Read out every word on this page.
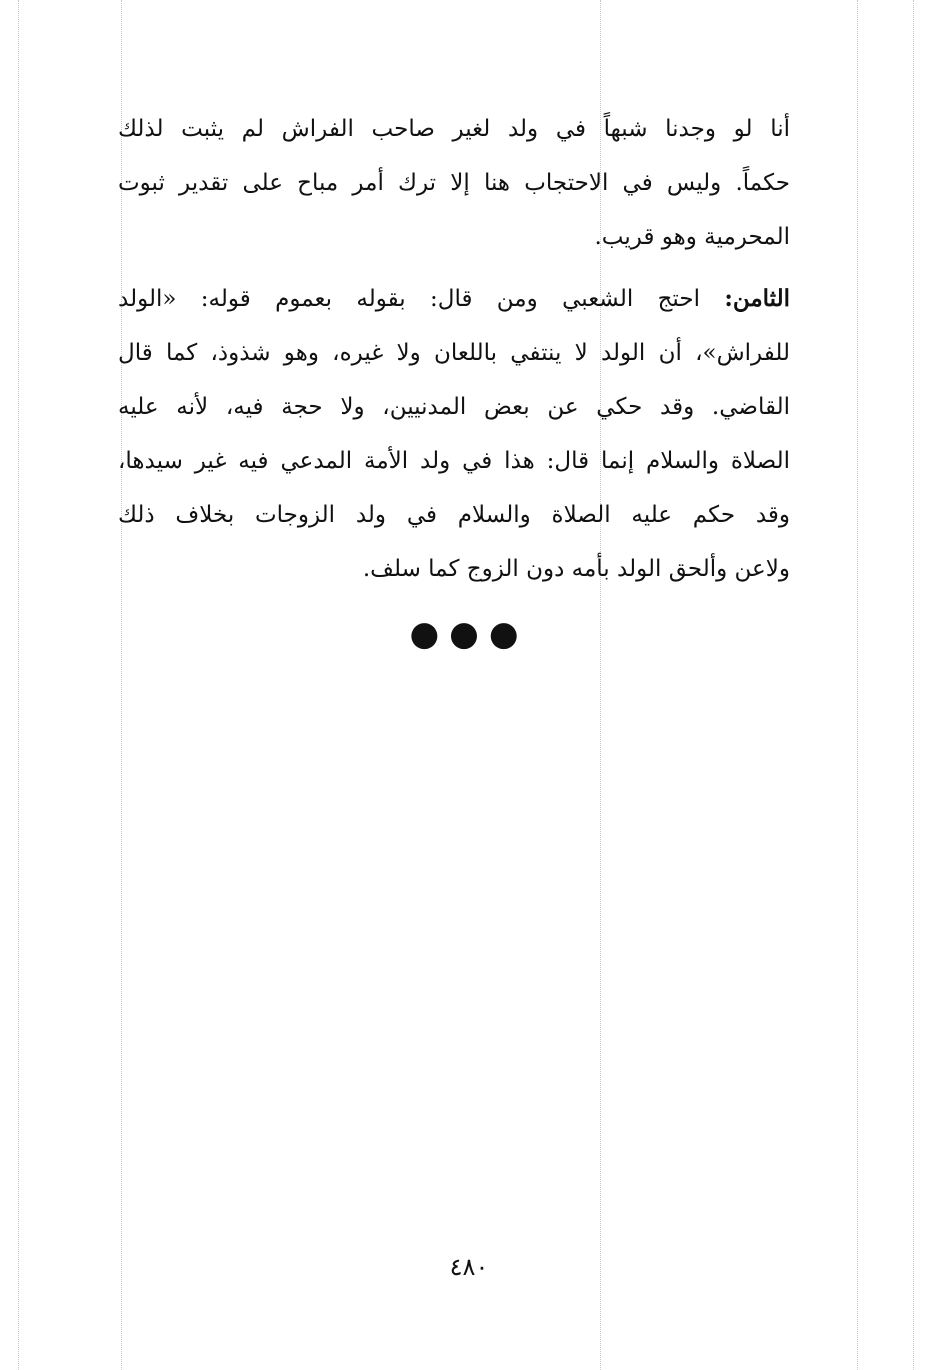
أنا لو وجدنا شبهاً في ولد لغير صاحب الفراش لم يثبت لذلك
حكماً. وليس في الاحتجاب هنا إلا ترك أمر مباح على تقدير ثبوت
المحرمية وهو قريب.

الثامن: احتج الشعبي ومن قال: بقوله بعموم قوله: «الولد
للفراش»، أن الولد لا ينتفي باللعان ولا غيره، وهو شذوذ، كما قال
القاضي. وقد حكي عن بعض المدنيين، ولا حجة فيه، لأنه عليه
الصلاة والسلام إنما قال: هذا في ولد الأمة المدعي فيه غير سيدها،
وقد حكم عليه الصلاة والسلام في ولد الزوجات بخلاف ذلك
ولاعن وألحق الولد بأمه دون الزوج كما سلف.

●●●
٤٨٠
